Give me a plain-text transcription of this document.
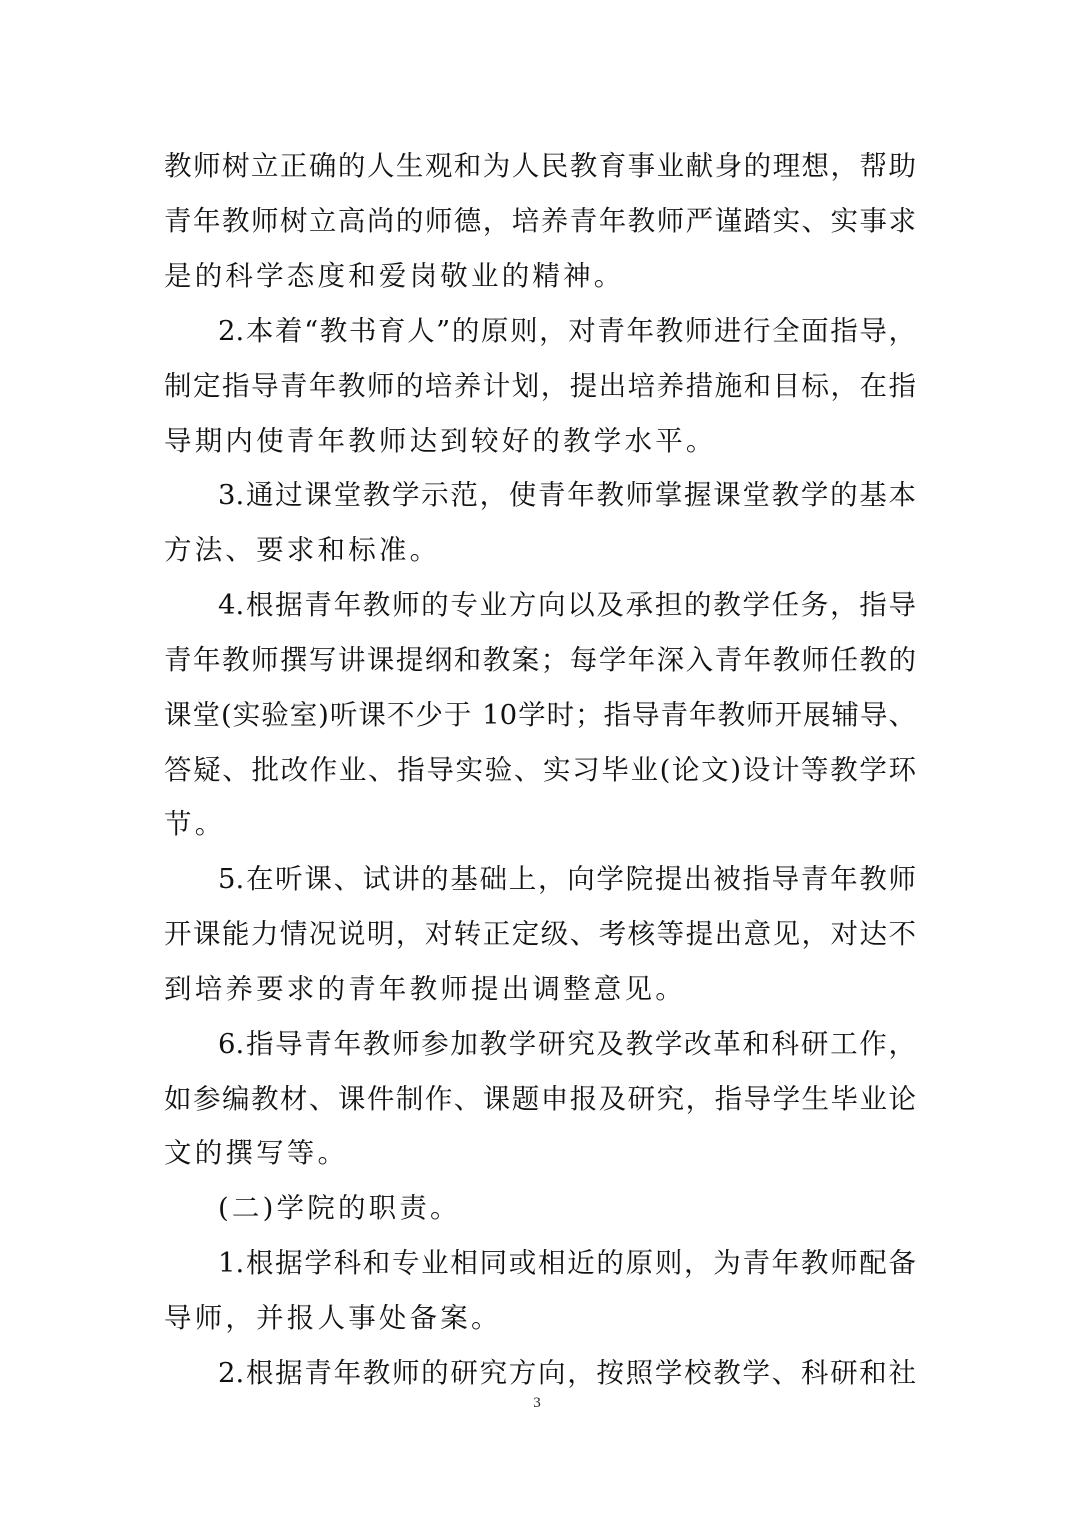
教师树立正确的人生观和为人民教育事业献身的理想，帮助
青年教师树立高尚的师德，培养青年教师严谨踏实、实事求
是的科学态度和爱岗敬业的精神。
2.本着“教书育人”的原则，对青年教师进行全面指导，
制定指导青年教师的培养计划，提出培养措施和目标，在指
导期内使青年教师达到较好的教学水平。
3.通过课堂教学示范，使青年教师掌握课堂教学的基本
方法、要求和标准。
4.根据青年教师的专业方向以及承担的教学任务，指导
青年教师撰写讲课提纲和教案；每学年深入青年教师任教的
课堂(实验室)听课不少于 10学时；指导青年教师开展辅导、
答疑、批改作业、指导实验、实习毕业(论文)设计等教学环
节。
5.在听课、试讲的基础上，向学院提出被指导青年教师
开课能力情况说明，对转正定级、考核等提出意见，对达不
到培养要求的青年教师提出调整意见。
6.指导青年教师参加教学研究及教学改革和科研工作，
如参编教材、课件制作、课题申报及研究，指导学生毕业论
文的撰写等。
(二)学院的职责。
1.根据学科和专业相同或相近的原则，为青年教师配备
导师，并报人事处备案。
2.根据青年教师的研究方向，按照学校教学、科研和社
3
